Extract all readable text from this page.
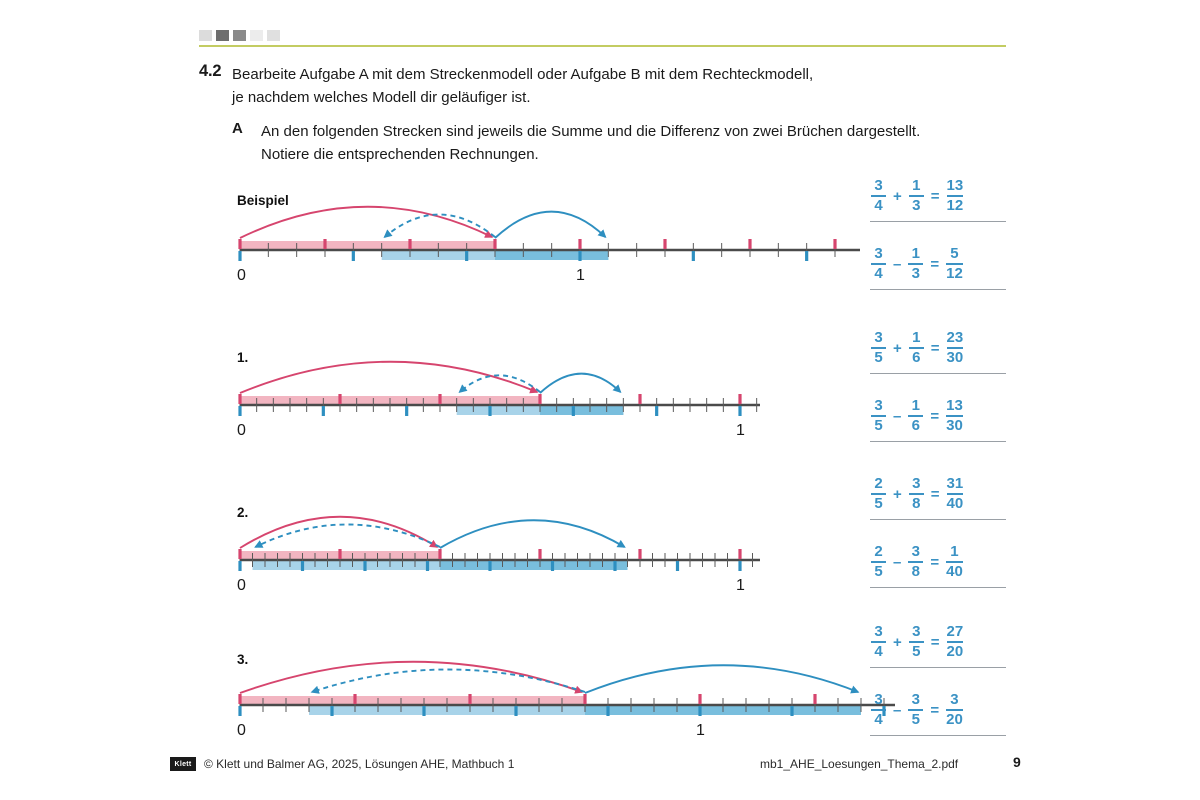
4.2 Bearbeite Aufgabe A mit dem Streckenmodell oder Aufgabe B mit dem Rechteckmodell,
je nachdem welches Modell dir geläufiger ist.
A An den folgenden Strecken sind jeweils die Summe und die Differenz von zwei Brüchen dargestellt.
Notiere die entsprechenden Rechnungen.
Beispiel
0	1
1.
0	1
2.
0	1
3.
0	1
$\frac{3}{4} + \frac{1}{3} = \frac{13}{12}$
$\frac{3}{4} - \frac{1}{3} = \frac{5}{12}$
$\frac{3}{5} + \frac{1}{6} = \frac{23}{30}$
$\frac{3}{5} - \frac{1}{6} = \frac{13}{30}$
$\frac{2}{5} + \frac{3}{8} = \frac{31}{40}$
$\frac{2}{5} - \frac{3}{8} = \frac{1}{40}$
$\frac{3}{4} + \frac{3}{5} = \frac{27}{20}$
$\frac{3}{4} - \frac{3}{5} = \frac{3}{20}$
Klett © Klett und Balmer AG, 2025, Lösungen AHE, Mathbuch 1	mb1_AHE_Loesungen_Thema_2.pdf	9
